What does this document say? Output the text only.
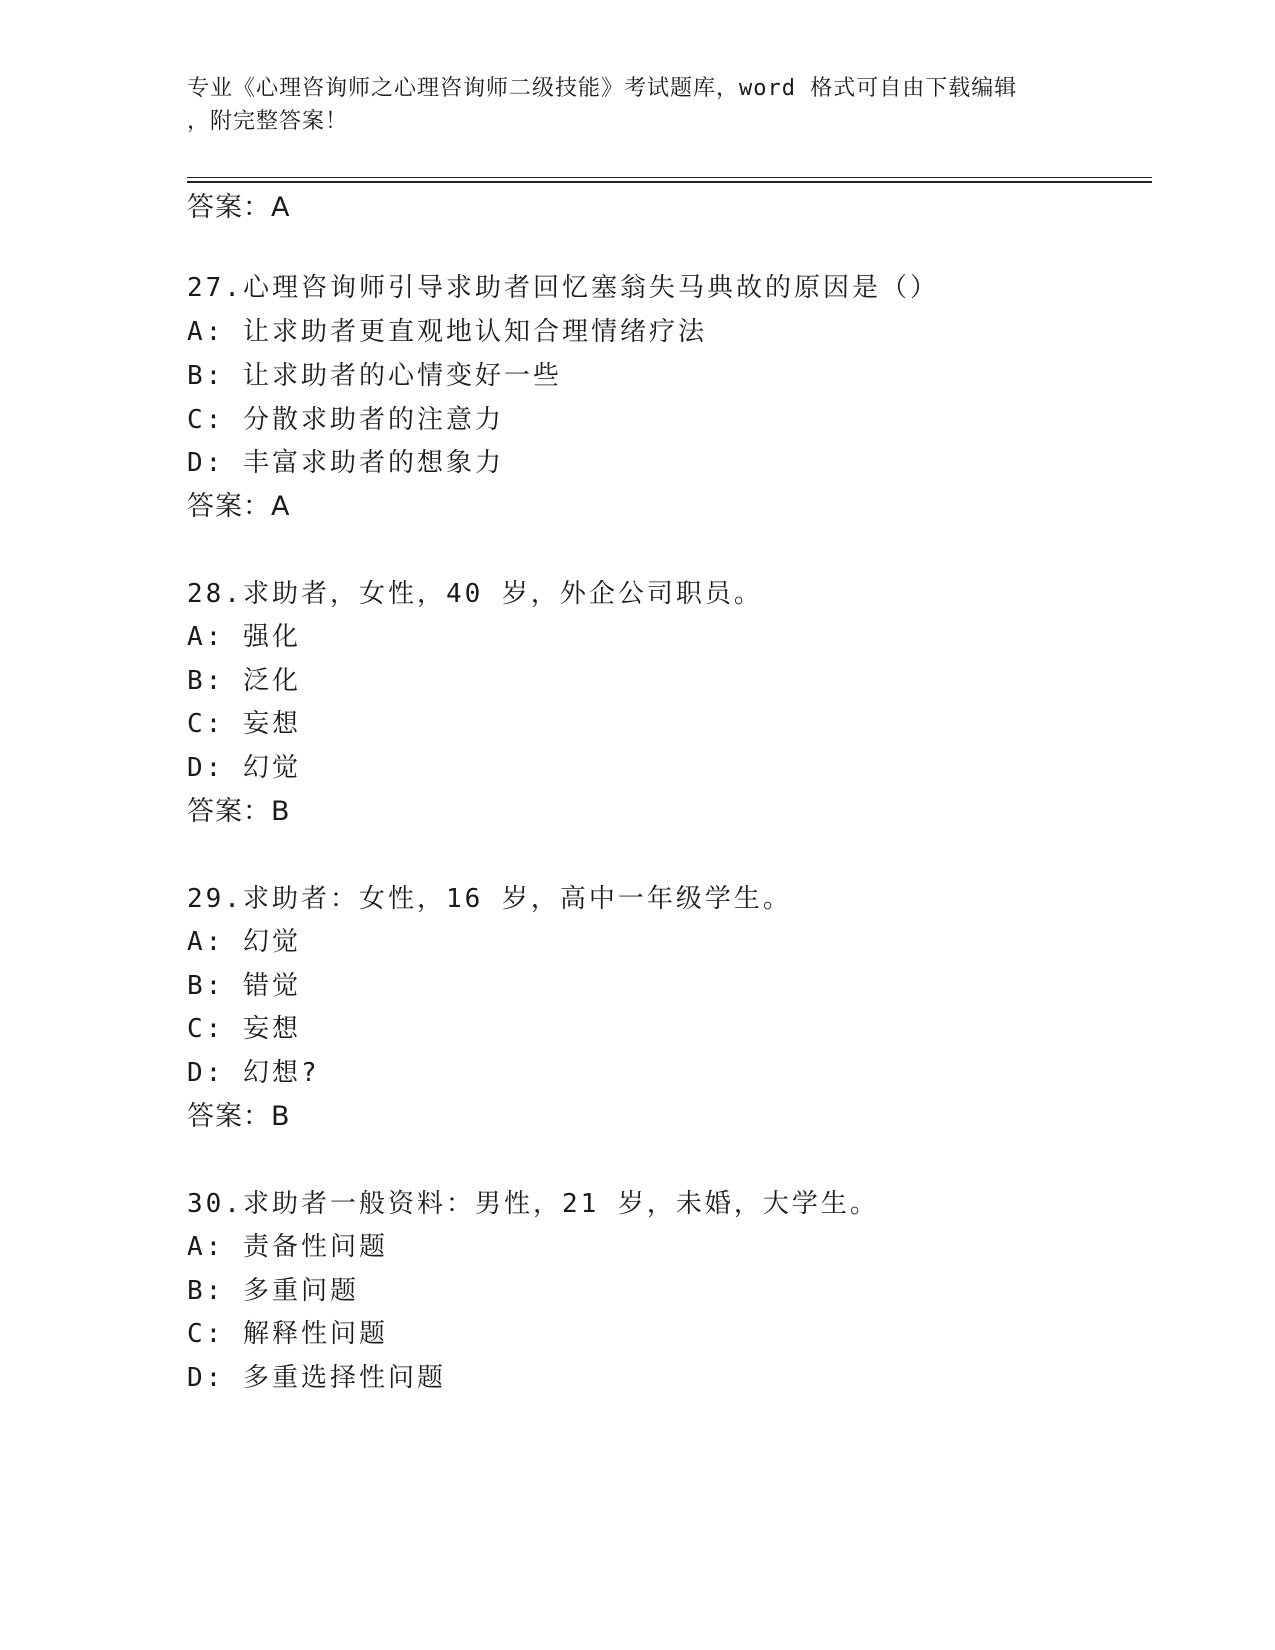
专业《心理咨询师之心理咨询师二级技能》考试题库，word 格式可自由下载编辑
，附完整答案！
答案：A
27.心理咨询师引导求助者回忆塞翁失马典故的原因是（）
A: 让求助者更直观地认知合理情绪疗法
B: 让求助者的心情变好一些
C: 分散求助者的注意力
D: 丰富求助者的想象力
答案：A
28.求助者，女性，40 岁，外企公司职员。
A: 强化
B: 泛化
C: 妄想
D: 幻觉
答案：B
29.求助者：女性，16 岁，高中一年级学生。
A: 幻觉
B: 错觉
C: 妄想
D: 幻想?
答案：B
30.求助者一般资料：男性，21 岁，未婚，大学生。
A: 责备性问题
B: 多重问题
C: 解释性问题
D: 多重选择性问题
